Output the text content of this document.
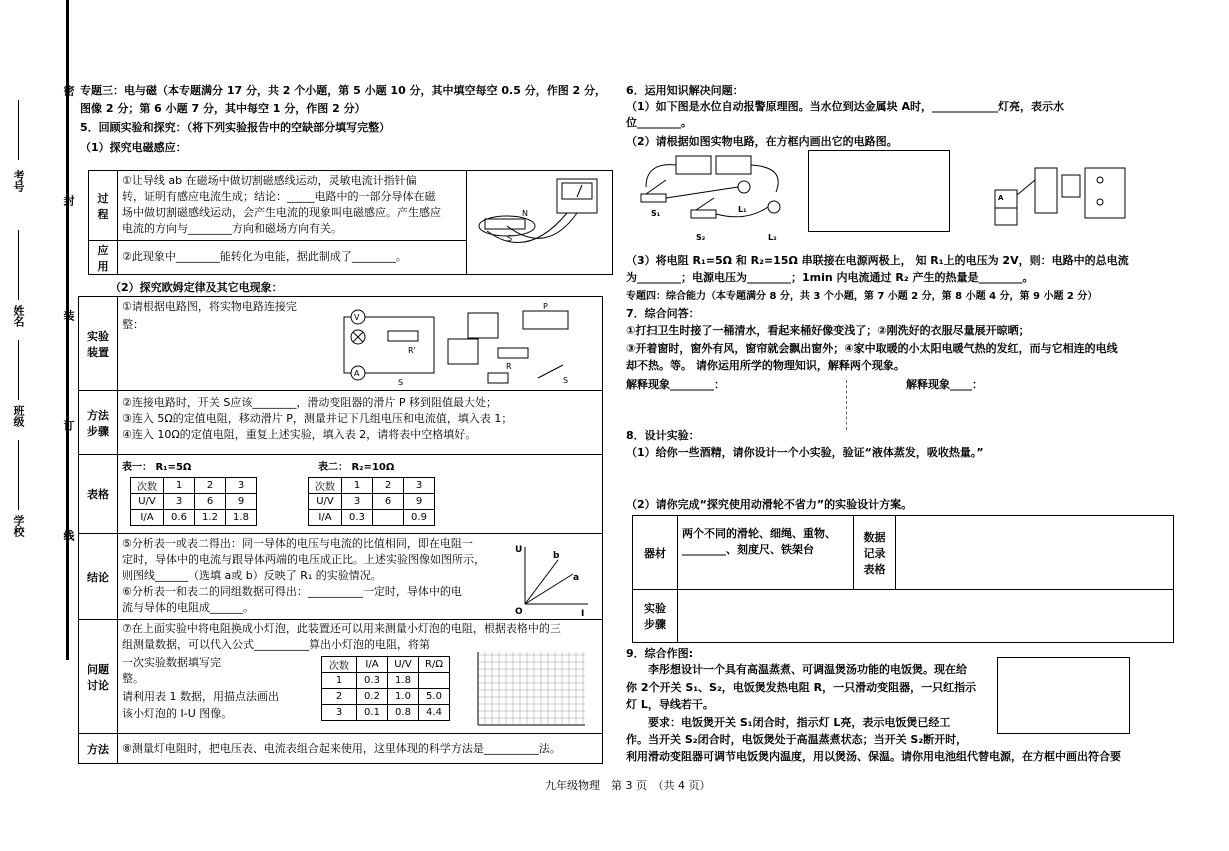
考号
姓名
班级
学校
密
封
装
订
线
专题三：电与磁（本专题满分 17 分，共 2 个小题，第 5 小题 10 分，其中填空每空 0.5 分，作图 2 分，
图像 2 分；第 6 小题 7 分，其中每空 1 分，作图 2 分）
5．回顾实验和探究：（将下列实验报告中的空缺部分填写完整）
（1）探究电磁感应：
过程
①让导线 ab 在磁场中做切割磁感线运动，灵敏电流计指针偏
转，证明有感应电流生成；结论：_____电路中的一部分导体在磁
场中做切割磁感线运动，会产生电流的现象叫电磁感应。产生感应
电流的方向与________方向和磁场方向有关。
N
S
应用
②此现象中________能转化为电能，据此制成了________。
（2）探究欧姆定律及其它电现象：
实验装置
①请根据电路图，将实物电路连接完
整：
V
A
S
R'
P
R
S
方法步骤
②连接电路时，开关 S应该________，滑动变阻器的滑片 P 移到阻值最大处；
③连入 5Ω的定值电阻，移动滑片 P，测量并记下几组电压和电流值，填入表 1；
④连入 10Ω的定值电阻，重复上述实验，填入表 2，请将表中空格填好。
表格
表一： R₁=5Ω	表二： R₂=10Ω
次数	1	2	3
U/V	3	6	9
I/A	0.6	1.2	1.8
次数	1	2	3
U/V	3	6	9
I/A	0.3		0.9
结论
⑤分析表一或表二得出：同一导体的电压与电流的比值相同，即在电阻一
定时，导体中的电流与跟导体两端的电压成正比。上述实验图像如图所示，
则图线______（选填 a或 b）反映了 R₁ 的实验情况。
⑥分析表一和表二的同组数据可得出：__________一定时，导体中的电
流与导体的电阻成______。
U
I
O
b
a
问题讨论
⑦在上面实验中将电阻换成小灯泡，此装置还可以用来测量小灯泡的电阻，根据表格中的三
组测量数据，可以代入公式__________算出小灯泡的电阻，将第
一次实验数据填写完
整。
请利用表 1 数据，用描点法画出
该小灯泡的 I-U 图像。
次数	I/A	U/V	R/Ω
1	0.3	1.8	
2	0.2	1.0	5.0
3	0.1	0.8	4.4
方法	⑧测量灯电阻时，把电压表、电流表组合起来使用，这里体现的科学方法是__________法。
6．运用知识解决问题：
（1）如下图是水位自动报警原理图。当水位到达金属块 A时，____________灯亮，表示水
位________。
（2）请根据如图实物电路，在方框内画出它的电路图。
S₁
S₂
L₁
L₂
A
（3）将电阻 R₁=5Ω 和 R₂=15Ω 串联接在电源两极上， 知 R₁上的电压为 2V，则：电路中的总电流
为________；电源电压为________；1min 内电流通过 R₂ 产生的热量是________。
专题四：综合能力（本专题满分 8 分，共 3 个小题，第 7 小题 2 分，第 8 小题 4 分，第 9 小题 2 分）
7．综合问答：
①打扫卫生时接了一桶清水，看起来桶好像变浅了；②刚洗好的衣服尽量展开晾晒；
③开着窗时，窗外有风，窗帘就会飘出窗外；④家中取暖的小太阳电暖气热的发红，而与它相连的电线
却不热。等。 请你运用所学的物理知识，解释两个现象。
解释现象________：	解释现象____：
8．设计实验：
（1）给你一些酒精，请你设计一个小实验，验证“液体蒸发，吸收热量。”
（2）请你完成“探究使用动滑轮不省力”的实验设计方案。
器材
两个不同的滑轮、细绳、重物、________、刻度尺、铁架台
数据记录表格
实验步骤
9．综合作图:
李彤想设计一个具有高温蒸煮、可调温煲汤功能的电饭煲。现在给
你 2个开关 S₁、S₂，电饭煲发热电阻 R，一只滑动变阻器，一只红指示
灯 L，导线若干。
要求：电饭煲开关 S₁闭合时，指示灯 L亮，表示电饭煲已经工
作。当开关 S₂闭合时，电饭煲处于高温蒸煮状态；当开关 S₂断开时，
利用滑动变阻器可调节电饭煲内温度，用以煲汤、保温。请你用电池组代替电源，在方框中画出符合要
九年级物理　第 3 页　（共 4 页）
